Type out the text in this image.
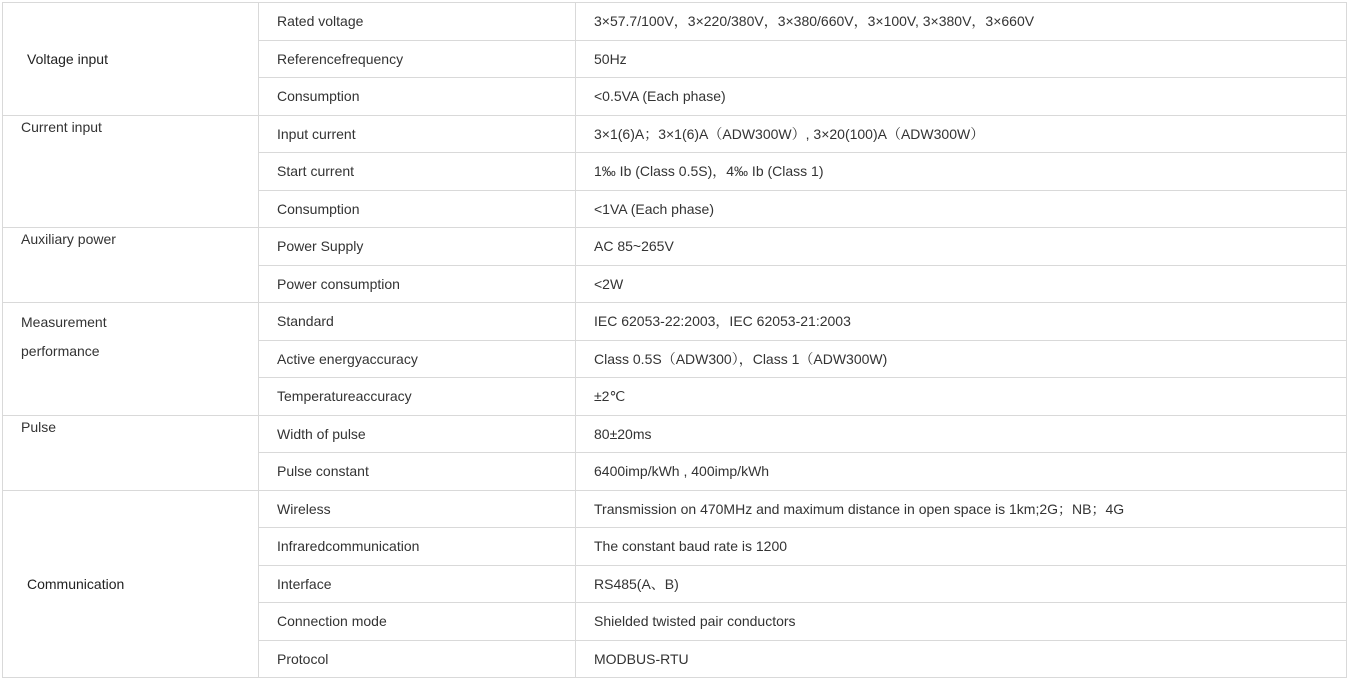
Voltage input	Rated voltage	3×57.7/100V，3×220/380V，3×380/660V，3×100V, 3×380V，3×660V
	Referencefrequency	50Hz
	Consumption	<0.5VA (Each phase)
Current input	Input current	3×1(6)A；3×1(6)A（ADW300W）, 3×20(100)A（ADW300W）
	Start current	1‰ Ib (Class 0.5S)，4‰ Ib (Class 1)
	Consumption	<1VA (Each phase)
Auxiliary power	Power Supply	AC 85~265V
	Power consumption	<2W
Measurement	Standard	IEC 62053-22:2003，IEC 62053-21:2003
performance	Active energyaccuracy	Class 0.5S（ADW300），Class 1（ADW300W)
	Temperatureaccuracy	±2℃
Pulse	Width of pulse	80±20ms
	Pulse constant	6400imp/kWh , 400imp/kWh
Communication	Wireless	Transmission on 470MHz and maximum distance in open space is 1km;2G；NB；4G
	Infraredcommunication	The constant baud rate is 1200
	Interface	RS485(A、B)
	Connection mode	Shielded twisted pair conductors
	Protocol	MODBUS-RTU
